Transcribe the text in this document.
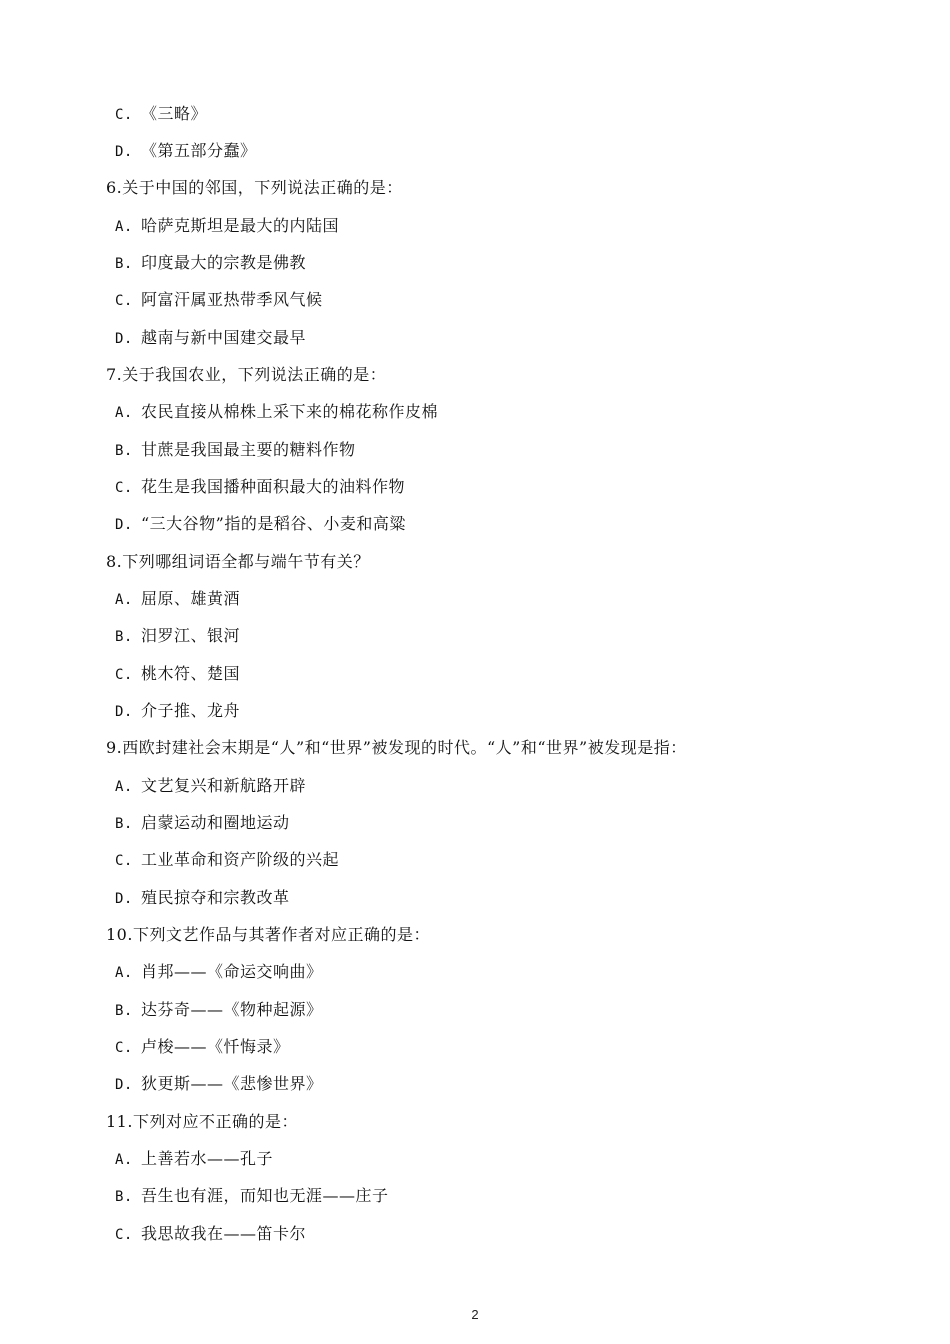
C. 《三略》
D. 《第五部分蠢》
6.关于中国的邻国，下列说法正确的是：
A. 哈萨克斯坦是最大的内陆国
B. 印度最大的宗教是佛教
C. 阿富汗属亚热带季风气候
D. 越南与新中国建交最早
7.关于我国农业，下列说法正确的是：
A. 农民直接从棉株上采下来的棉花称作皮棉
B. 甘蔗是我国最主要的糖料作物
C. 花生是我国播种面积最大的油料作物
D. “三大谷物”指的是稻谷、小麦和高粱
8.下列哪组词语全都与端午节有关？
A. 屈原、雄黄酒
B. 汨罗江、银河
C. 桃木符、楚国
D. 介子推、龙舟
9.西欧封建社会末期是“人”和“世界”被发现的时代。“人”和“世界”被发现是指：
A. 文艺复兴和新航路开辟
B. 启蒙运动和圈地运动
C. 工业革命和资产阶级的兴起
D. 殖民掠夺和宗教改革
10.下列文艺作品与其著作者对应正确的是：
A. 肖邦——《命运交响曲》
B. 达芬奇——《物种起源》
C. 卢梭——《忏悔录》
D. 狄更斯——《悲惨世界》
11.下列对应不正确的是：
A. 上善若水——孔子
B. 吾生也有涯，而知也无涯——庄子
C. 我思故我在——笛卡尔
2
